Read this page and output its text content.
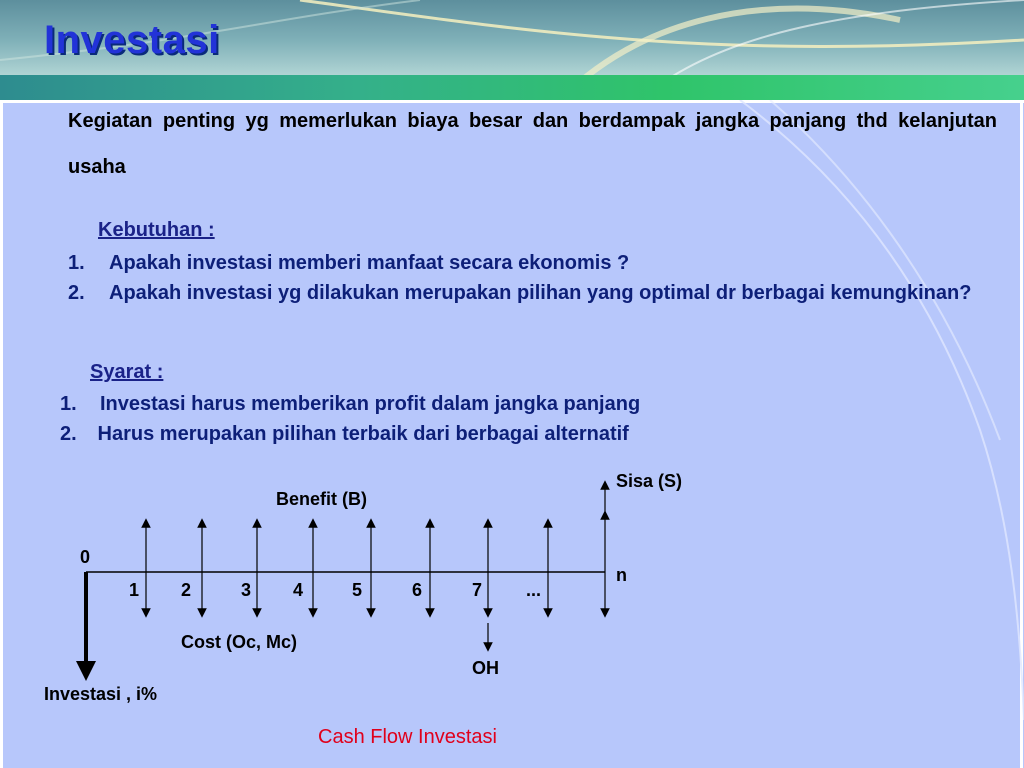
Investasi

Kegiatan penting yg memerlukan biaya besar dan berdampak jangka panjang thd kelanjutan usaha

Kebutuhan :
1. Apakah investasi memberi manfaat secara ekonomis ?
2. Apakah investasi yg dilakukan merupakan pilihan yang optimal dr berbagai kemungkinan?
Syarat :
1. Investasi harus memberikan profit dalam jangka panjang
2. Harus merupakan pilihan terbaik dari berbagai alternatif
0
n
Sisa (S)
Benefit (B)
Cost (Oc, Mc)
OH
Investasi , i%
1 2	3 4	5	6	7 ...
Cash Flow Investasi
